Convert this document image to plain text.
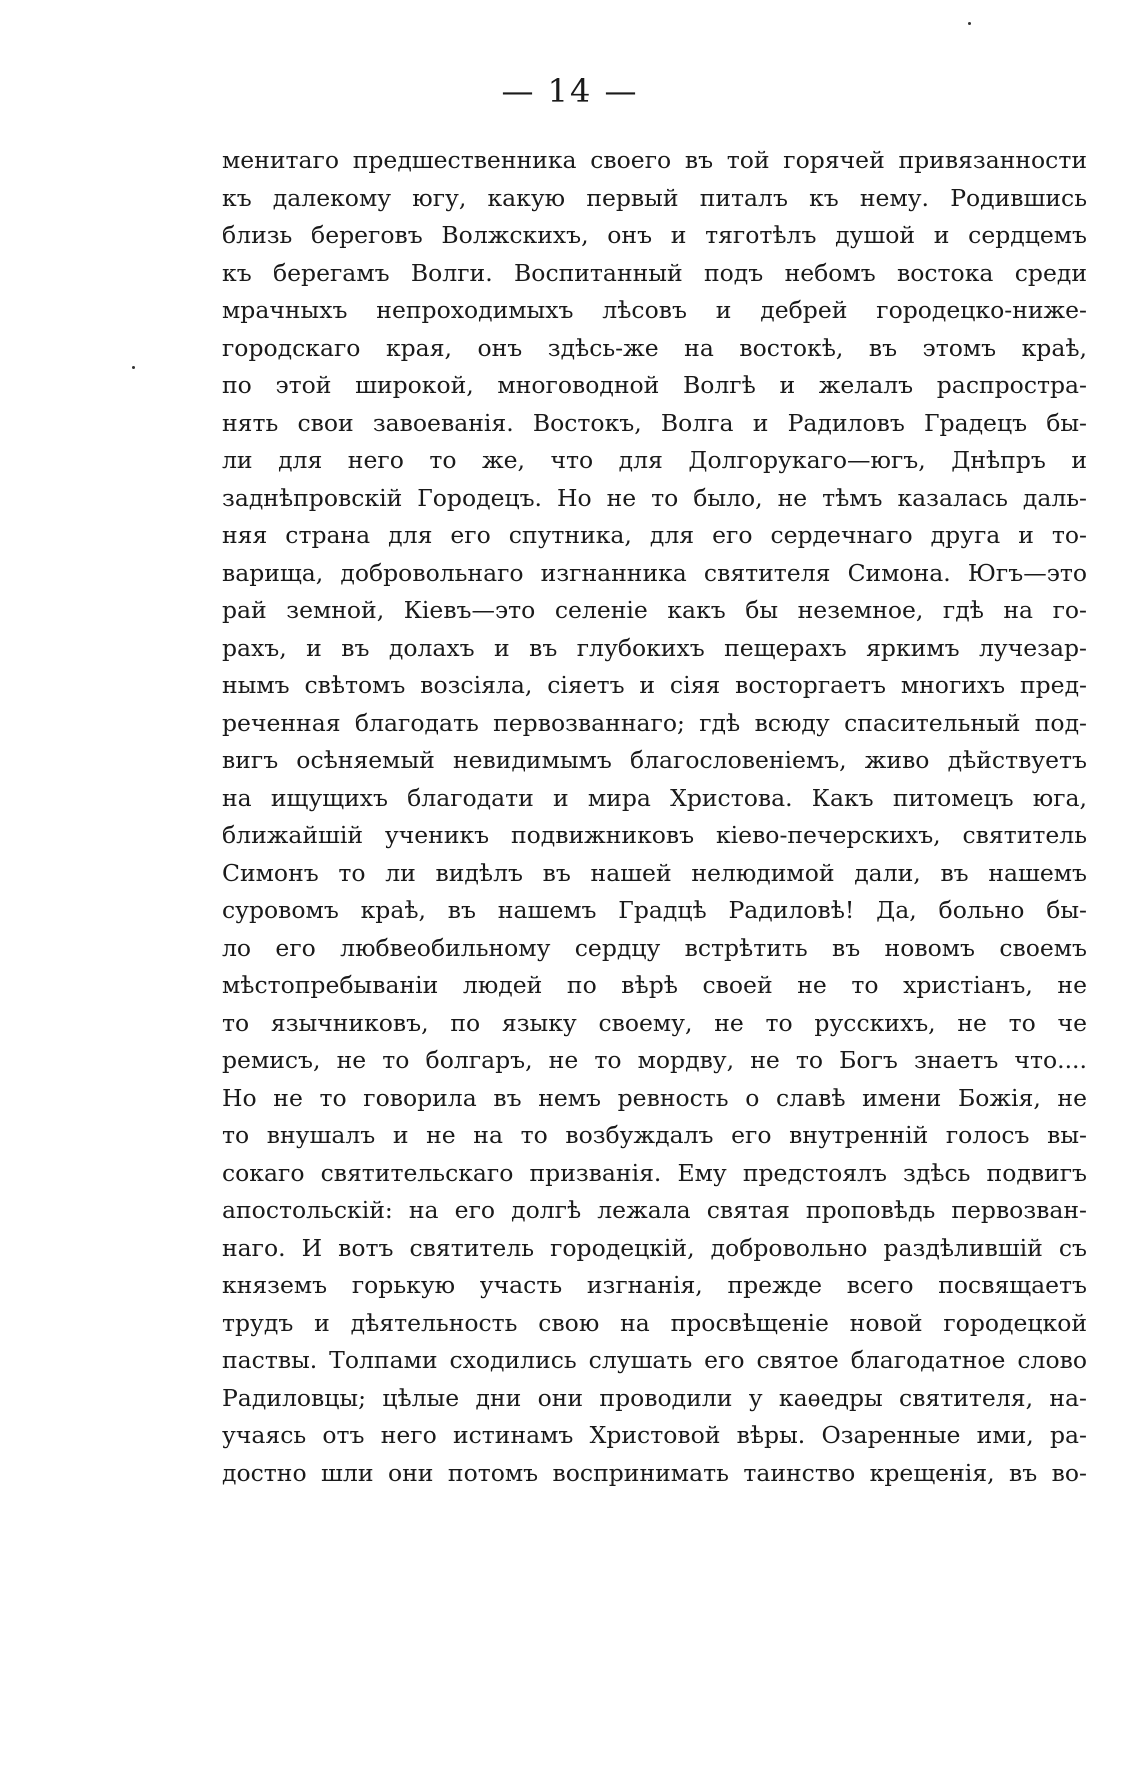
— 14 —
менитаго предшественника своего въ той горячей привязанности
къ далекому югу, какую первый питалъ къ нему. Родившись
близь береговъ Волжскихъ, онъ и тяготѣлъ душой и сердцемъ
къ берегамъ Волги. Воспитанный подъ небомъ востока среди
мрачныхъ непроходимыхъ лѣсовъ и дебрей городецко-ниже-
городскаго края, онъ здѣсь-же на востокѣ, въ этомъ краѣ,
по этой широкой, многоводной Волгѣ и желалъ распростра-
нять свои завоеванія. Востокъ, Волга и Радиловъ Градецъ бы-
ли для него то же, что для Долгорукаго—югъ, Днѣпръ и
заднѣпровскій Городецъ. Но не то было, не тѣмъ казалась даль-
няя страна для его спутника, для его сердечнаго друга и то-
варища, добровольнаго изгнанника святителя Симона. Югъ—это
рай земной, Кіевъ—это селеніе какъ бы неземное, гдѣ на го-
рахъ, и въ долахъ и въ глубокихъ пещерахъ яркимъ лучезар-
нымъ свѣтомъ возсіяла, сіяетъ и сіяя восторгаетъ многихъ пред-
реченная благодать первозваннаго; гдѣ всюду спасительный под-
вигъ осѣняемый невидимымъ благословеніемъ, живо дѣйствуетъ
на ищущихъ благодати и мира Христова. Какъ питомецъ юга,
ближайшій ученикъ подвижниковъ кіево-печерскихъ, святитель
Симонъ то ли видѣлъ въ нашей нелюдимой дали, въ нашемъ
суровомъ краѣ, въ нашемъ Градцѣ Радиловѣ! Да, больно бы-
ло его любвеобильному сердцу встрѣтить въ новомъ своемъ
мѣстопребываніи людей по вѣрѣ своей не то христіанъ, не
то язычниковъ, по языку своему, не то русскихъ, не то че
ремисъ, не то болгаръ, не то мордву, не то Богъ знаетъ что....
Но не то говорила въ немъ ревность о славѣ имени Божія, не
то внушалъ и не на то возбуждалъ его внутренній голосъ вы-
сокаго святительскаго призванія. Ему предстоялъ здѣсь подвигъ
апостольскій: на его долгѣ лежала святая проповѣдь первозван-
наго. И вотъ святитель городецкій, добровольно раздѣлившій съ
княземъ горькую участь изгнанія, прежде всего посвящаетъ
трудъ и дѣятельность свою на просвѣщеніе новой городецкой
паствы. Толпами сходились слушать его святое благодатное слово
Радиловцы; цѣлые дни они проводили у каѳедры святителя, на-
учаясь отъ него истинамъ Христовой вѣры. Озаренные ими, ра-
достно шли они потомъ воспринимать таинство крещенія, въ во-
